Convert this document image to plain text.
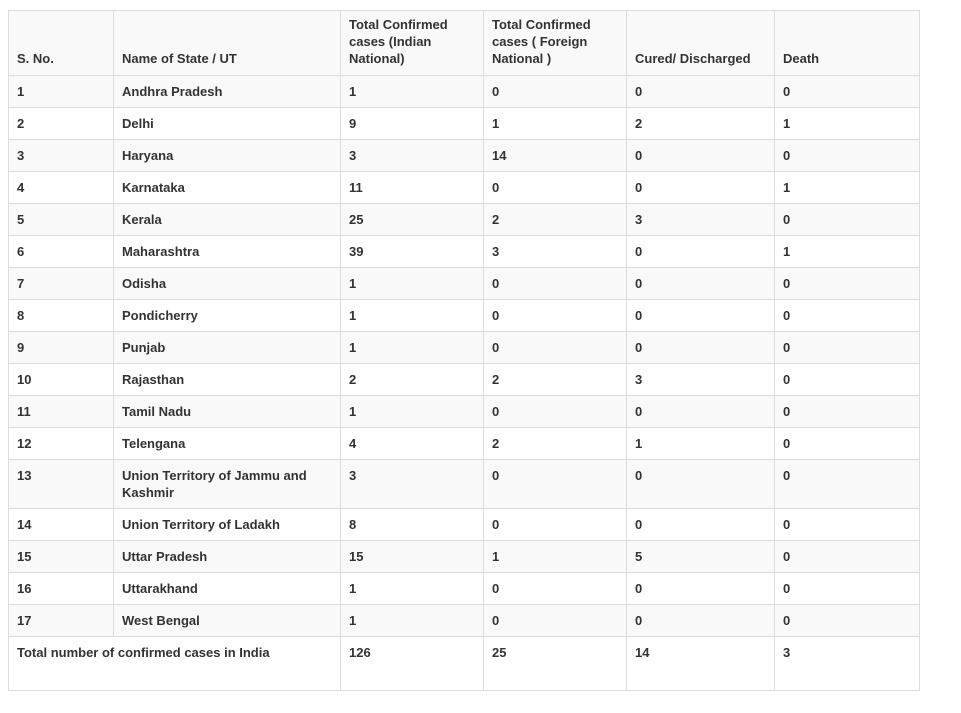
S. No.	Name of State / UT	Total Confirmed cases (Indian National)	Total Confirmed cases ( Foreign National )	Cured/ Discharged	Death
1	Andhra Pradesh	1	0	0	0
2	Delhi	9	1	2	1
3	Haryana	3	14	0	0
4	Karnataka	11	0	0	1
5	Kerala	25	2	3	0
6	Maharashtra	39	3	0	1
7	Odisha	1	0	0	0
8	Pondicherry	1	0	0	0
9	Punjab	1	0	0	0
10	Rajasthan	2	2	3	0
11	Tamil Nadu	1	0	0	0
12	Telengana	4	2	1	0
13	Union Territory of Jammu and Kashmir	3	0	0	0
14	Union Territory of Ladakh	8	0	0	0
15	Uttar Pradesh	15	1	5	0
16	Uttarakhand	1	0	0	0
17	West Bengal	1	0	0	0
Total number of confirmed cases in India		126	25	14	3
